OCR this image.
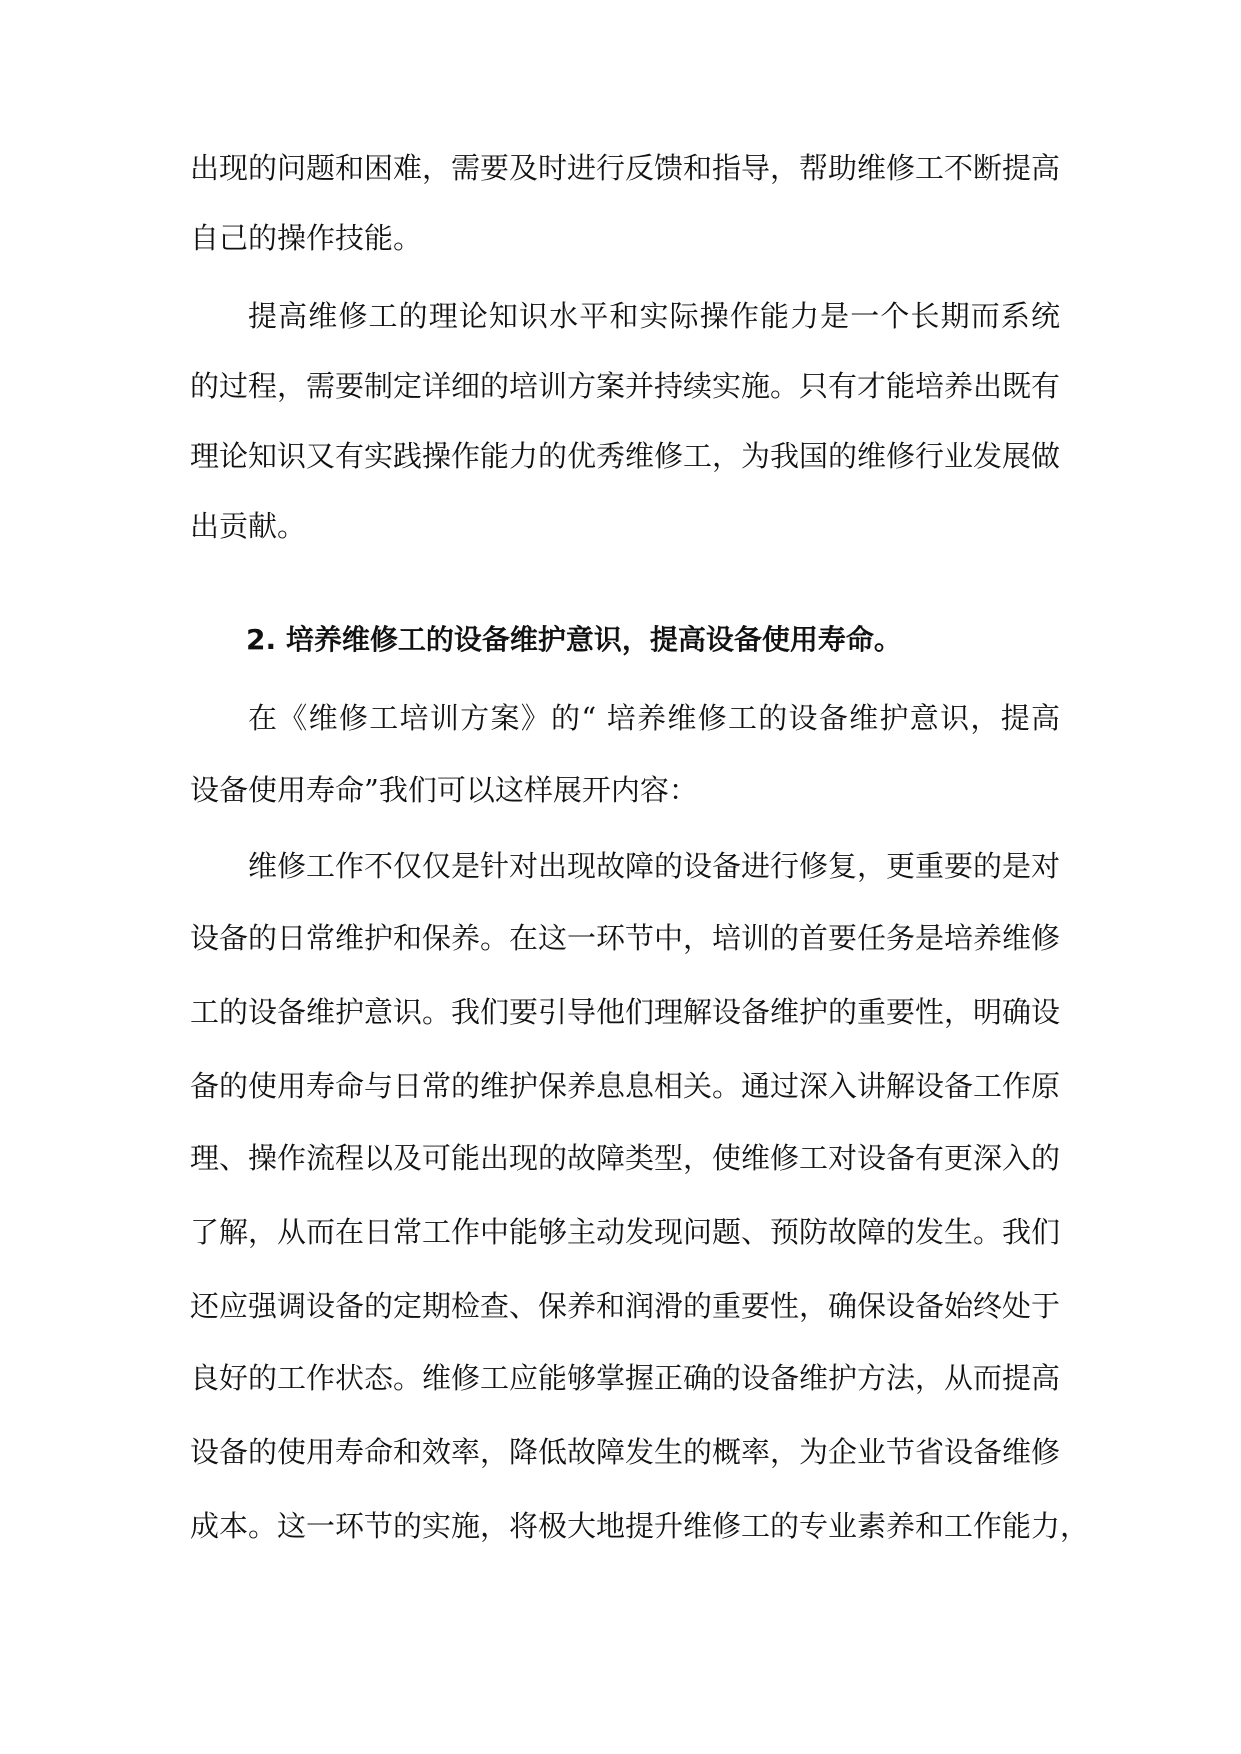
出现的问题和困难，需要及时进行反馈和指导，帮助维修工不断提高
自己的操作技能。
提高维修工的理论知识水平和实际操作能力是一个长期而系统
的过程，需要制定详细的培训方案并持续实施。只有才能培养出既有
理论知识又有实践操作能力的优秀维修工，为我国的维修行业发展做
出贡献。
2. 培养维修工的设备维护意识，提高设备使用寿命。
在《维修工培训方案》的“ 培养维修工的设备维护意识，提高
设备使用寿命”我们可以这样展开内容：
维修工作不仅仅是针对出现故障的设备进行修复，更重要的是对
设备的日常维护和保养。在这一环节中，培训的首要任务是培养维修
工的设备维护意识。我们要引导他们理解设备维护的重要性，明确设
备的使用寿命与日常的维护保养息息相关。通过深入讲解设备工作原
理、操作流程以及可能出现的故障类型，使维修工对设备有更深入的
了解，从而在日常工作中能够主动发现问题、预防故障的发生。我们
还应强调设备的定期检查、保养和润滑的重要性，确保设备始终处于
良好的工作状态。维修工应能够掌握正确的设备维护方法，从而提高
设备的使用寿命和效率，降低故障发生的概率，为企业节省设备维修
成本。这一环节的实施，将极大地提升维修工的专业素养和工作能力，
